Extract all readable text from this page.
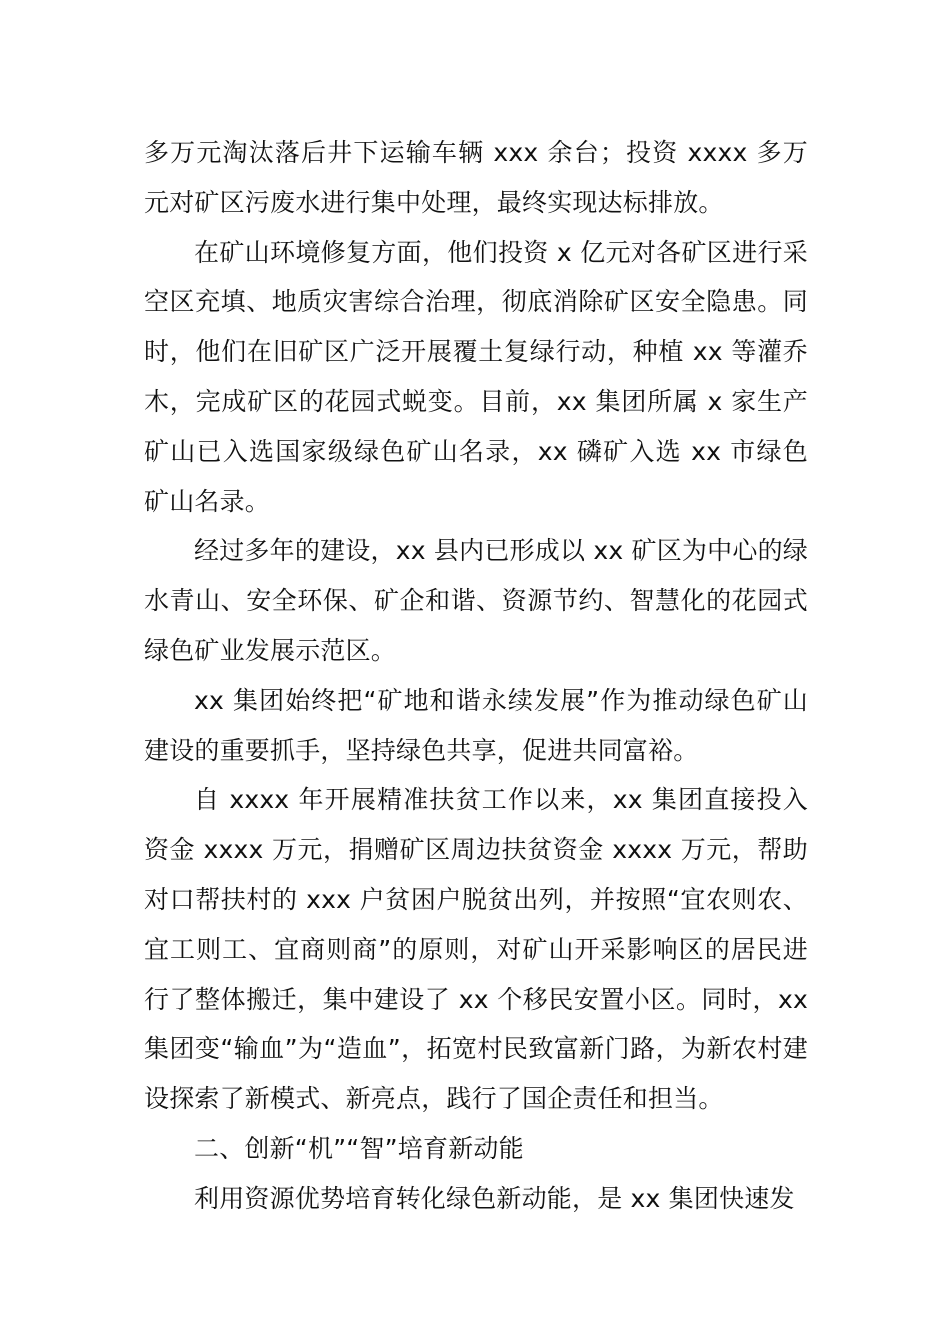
多万元淘汰落后井下运输车辆 xxx 余台；投资 xxxx 多万元对矿区污废水进行集中处理，最终实现达标排放。

在矿山环境修复方面，他们投资 x 亿元对各矿区进行采空区充填、地质灾害综合治理，彻底消除矿区安全隐患。同时，他们在旧矿区广泛开展覆土复绿行动，种植 xx 等灌乔木，完成矿区的花园式蜕变。目前，xx 集团所属 x 家生产矿山已入选国家级绿色矿山名录，xx 磷矿入选 xx 市绿色矿山名录。

经过多年的建设，xx 县内已形成以 xx 矿区为中心的绿水青山、安全环保、矿企和谐、资源节约、智慧化的花园式绿色矿业发展示范区。

xx 集团始终把“矿地和谐永续发展”作为推动绿色矿山建设的重要抓手，坚持绿色共享，促进共同富裕。

自 xxxx 年开展精准扶贫工作以来，xx 集团直接投入资金 xxxx 万元，捐赠矿区周边扶贫资金 xxxx 万元，帮助对口帮扶村的 xxx 户贫困户脱贫出列，并按照“宜农则农、宜工则工、宜商则商”的原则，对矿山开采影响区的居民进行了整体搬迁，集中建设了 xx 个移民安置小区。同时，xx 集团变“输血”为“造血”，拓宽村民致富新门路，为新农村建设探索了新模式、新亮点，践行了国企责任和担当。

二、创新“机”“智”培育新动能

利用资源优势培育转化绿色新动能，是 xx 集团快速发
